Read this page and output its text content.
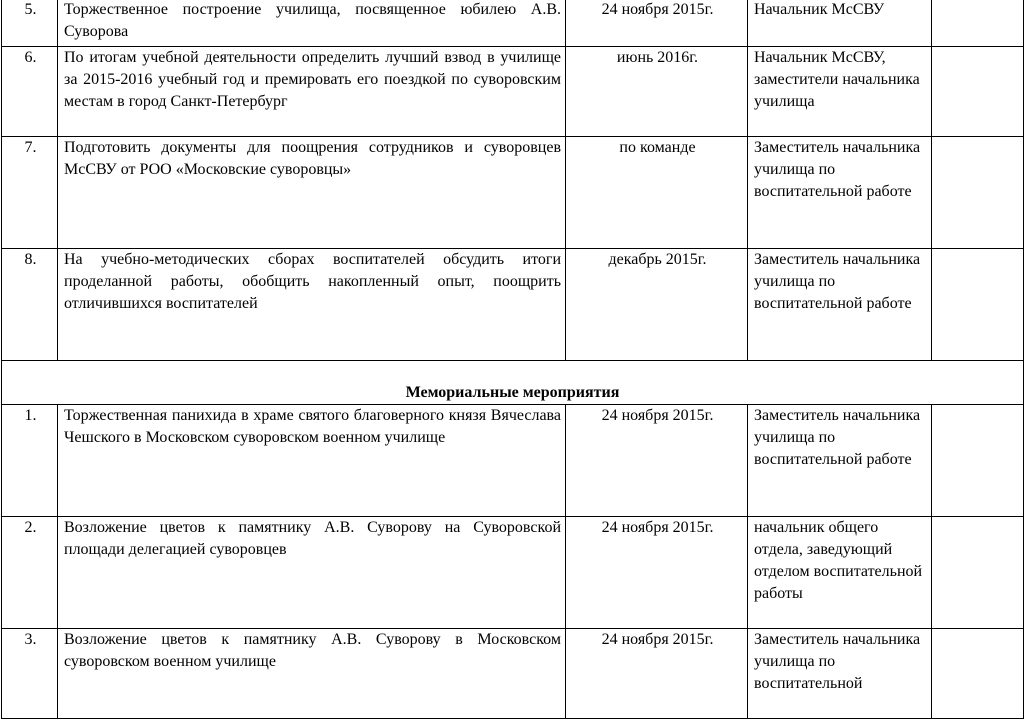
5.	Торжественное построение училища, посвященное юбилею А.В. Суворова	24 ноября 2015г.	Начальник МсСВУ	
6.	По итогам учебной деятельности определить лучший взвод в училище за 2015-2016 учебный год и премировать его поездкой по суворовским местам в город Санкт-Петербург	июнь 2016г.	Начальник МсСВУ, заместители начальника училища	
7.	Подготовить документы для поощрения сотрудников и суворовцев МсСВУ от РОО «Московские суворовцы»	по команде	Заместитель начальника училища по воспитательной работе	
8.	На учебно-методических сборах воспитателей обсудить итоги проделанной работы, обобщить накопленный опыт, поощрить отличившихся воспитателей	декабрь 2015г.	Заместитель начальника училища по воспитательной работе	
Мемориальные мероприятия				
1.	Торжественная панихида в храме святого благоверного князя Вячеслава Чешского в Московском суворовском военном училище	24 ноября 2015г.	Заместитель начальника училища по воспитательной работе	
2.	Возложение цветов к памятнику А.В. Суворову на Суворовской площади делегацией суворовцев	24 ноября 2015г.	начальник общего отдела, заведующий отделом воспитательной работы	
3.	Возложение цветов к памятнику А.В. Суворову в Московском суворовском военном училище	24 ноября 2015г.	Заместитель начальника училища по воспитательной	
